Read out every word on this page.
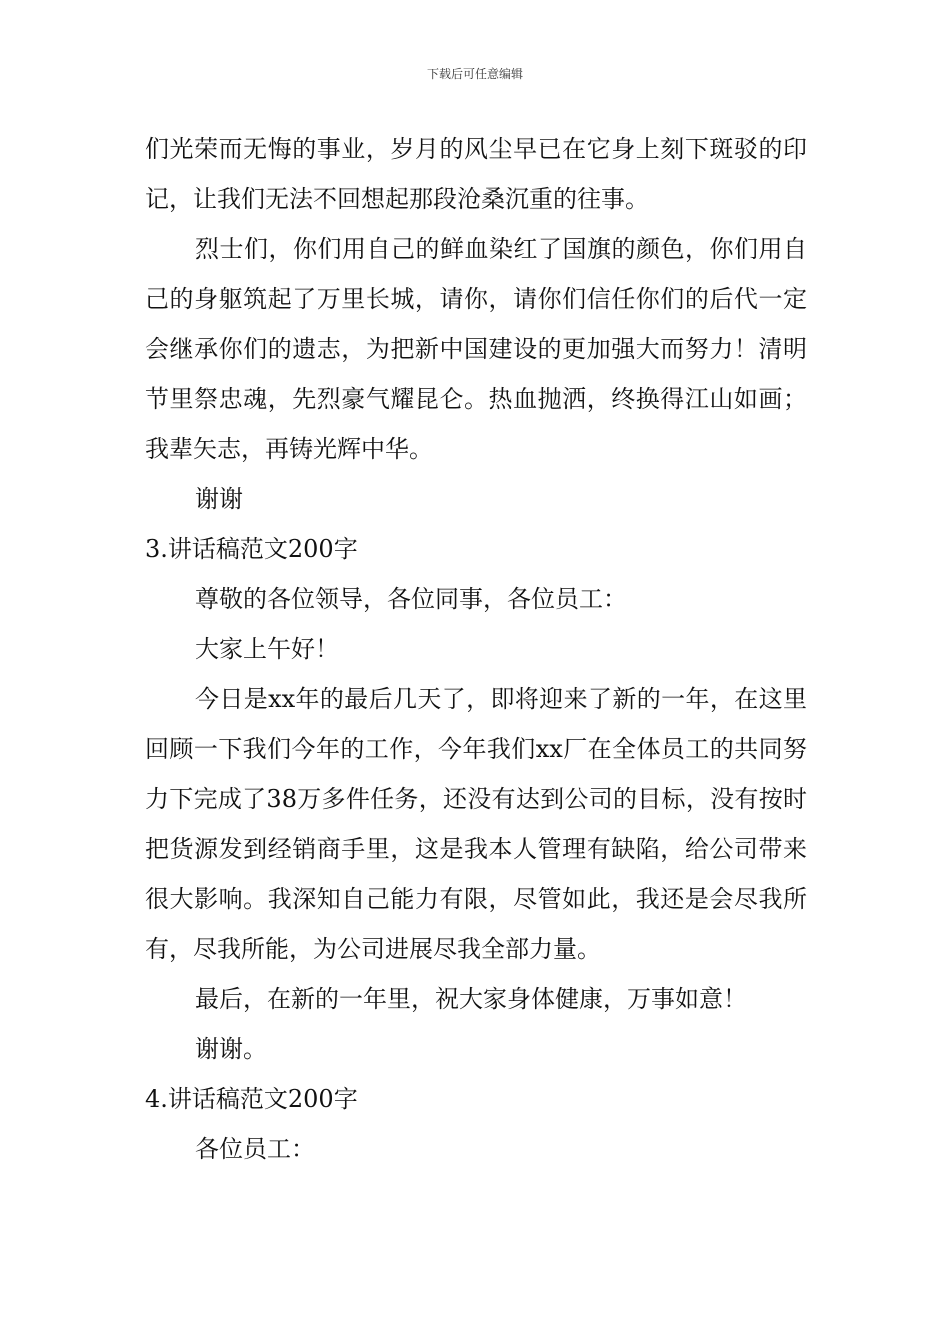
下载后可任意编辑

们光荣而无悔的事业，岁月的风尘早已在它身上刻下斑驳的印记，让我们无法不回想起那段沧桑沉重的往事。

烈士们，你们用自己的鲜血染红了国旗的颜色，你们用自己的身躯筑起了万里长城，请你，请你们信任你们的后代一定会继承你们的遗志，为把新中国建设的更加强大而努力！清明节里祭忠魂，先烈豪气耀昆仑。热血抛洒，终换得江山如画；我辈矢志，再铸光辉中华。

谢谢

3.讲话稿范文200字

尊敬的各位领导，各位同事，各位员工：

大家上午好！

今日是xx年的最后几天了，即将迎来了新的一年，在这里回顾一下我们今年的工作，今年我们xx厂在全体员工的共同努力下完成了38万多件任务，还没有达到公司的目标，没有按时把货源发到经销商手里，这是我本人管理有缺陷，给公司带来很大影响。我深知自己能力有限，尽管如此，我还是会尽我所有，尽我所能，为公司进展尽我全部力量。

最后，在新的一年里，祝大家身体健康，万事如意！

谢谢。

4.讲话稿范文200字

各位员工：
